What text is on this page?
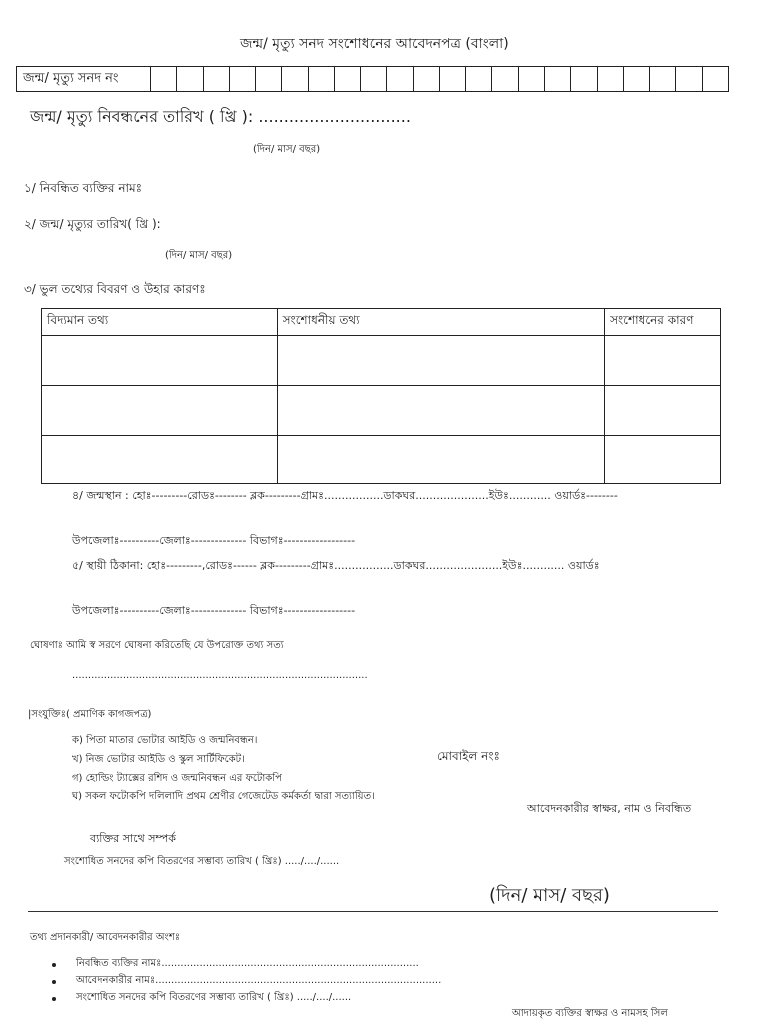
জন্ম/ মৃত্যু সনদ সংশোধনের আবেদনপত্র (বাংলা)
জন্ম/ মৃত্যু সনদ নং
জন্ম/ মৃত্যু নিবন্ধনের তারিখ ( খ্রি ): ..............................
(দিন/ মাস/ বছর)
১/ নিবন্ধিত ব্যক্তির নামঃ
২/ জন্ম/ মৃত্যুর তারিখ( খ্রি ):
(দিন/ মাস/ বছর)
৩/ ভুল তথ্যের বিবরণ ও উহার কারণঃ
বিদ্যমান তথ্য	সংশোধনীয় তথ্য	সংশোধনের কারণ

৪/ জন্মস্থান : হোঃ---------রোডঃ-------- ব্লক---------গ্রামঃ.................ডাকঘর.....................ইউঃ............ ওয়ার্ডঃ--------
উপজেলাঃ----------জেলাঃ-------------- বিভাগঃ------------------
৫/ স্থায়ী ঠিকানা: হোঃ---------,রোডঃ------ ব্লক---------গ্রামঃ.................ডাকঘর......................ইউঃ............ ওয়ার্ডঃ
উপজেলাঃ----------জেলাঃ-------------- বিভাগঃ------------------
ঘোষণাঃ আমি স্ব সরণে ঘোষনা করিতেছি যে উপরোক্ত তথ্য সত্য
.............................................................................................
|সংযুক্তিঃ( প্রমাণিক কাগজপত্র)
ক) পিতা মাতার ভোটার আইডি ও জন্মনিবন্ধন।
খ) নিজ ভোটার আইডি ও স্কুল সার্টিফিকেট।
গ) হোল্ডিং ট্যাক্সের রশিদ ও জন্মনিবন্ধন এর ফটোকপি
ঘ) সকল ফটোকপি দলিলাদি প্রথম শ্রেণীর গেজেটেড কর্মকর্তা দ্বারা সত্যায়িত।
মোবাইল নংঃ
আবেদনকারীর স্বাক্ষর, নাম ও নিবন্ধিত
ব্যক্তির সাথে সম্পর্ক
সংশোধিত সনদের কপি বিতরণের সম্ভাব্য তারিখ ( খ্রিঃ) ...../..../......
(দিন/ মাস/ বছর)
তথ্য প্রদানকারী/ আবেদনকারীর অংশঃ
নিবন্ধিত ব্যক্তির নামঃ.................................................................................
আবেদনকারীর নামঃ..........................................................................................
সংশোধিত সনদের কপি বিতরণের সম্ভাব্য তারিখ ( খ্রিঃ) ...../..../......
আদায়কৃত ব্যক্তির স্বাক্ষর ও নামসহ সিল
